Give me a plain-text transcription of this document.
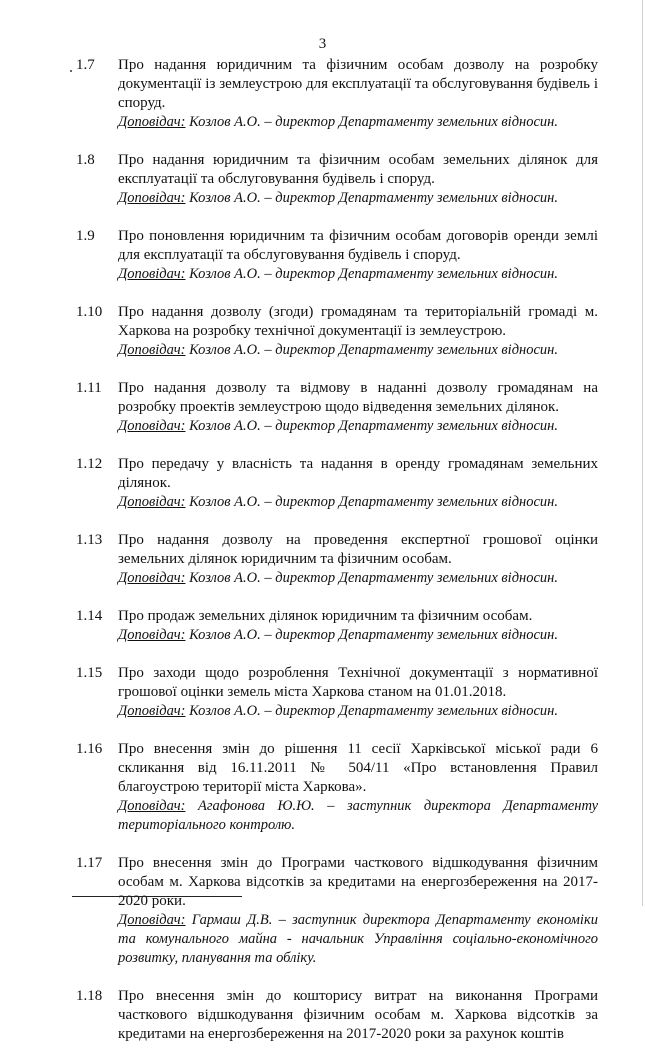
3
1.7	Про надання юридичним та фізичним особам дозволу на розробку документації із землеустрою для експлуатації та обслуговування будівель і споруд.
Доповідач: Козлов А.О. – директор Департаменту земельних відносин.
1.8	Про надання юридичним та фізичним особам земельних ділянок для експлуатації та обслуговування будівель і споруд.
Доповідач: Козлов А.О. – директор Департаменту земельних відносин.
1.9	Про поновлення юридичним та фізичним особам договорів оренди землі для експлуатації та обслуговування будівель і споруд.
Доповідач: Козлов А.О. – директор Департаменту земельних відносин.
1.10	Про надання дозволу (згоди) громадянам та територіальній громаді м. Харкова на розробку технічної документації із землеустрою.
Доповідач: Козлов А.О. – директор Департаменту земельних відносин.
1.11	Про надання дозволу та відмову в наданні дозволу громадянам на розробку проектів землеустрою щодо відведення земельних ділянок.
Доповідач: Козлов А.О. – директор Департаменту земельних відносин.
1.12	Про передачу у власність та надання в оренду громадянам земельних ділянок.
Доповідач: Козлов А.О. – директор Департаменту земельних відносин.
1.13	Про надання дозволу на проведення експертної грошової оцінки земельних ділянок юридичним та фізичним особам.
Доповідач: Козлов А.О. – директор Департаменту земельних відносин.
1.14	Про продаж земельних ділянок юридичним та фізичним особам.
Доповідач: Козлов А.О. – директор Департаменту земельних відносин.
1.15	Про заходи щодо розроблення Технічної документації з нормативної грошової оцінки земель міста Харкова станом на 01.01.2018.
Доповідач: Козлов А.О. – директор Департаменту земельних відносин.
1.16	Про внесення змін до рішення 11 сесії Харківської міської ради 6 скликання від 16.11.2011 № 504/11 «Про встановлення Правил благоустрою території міста Харкова».
Доповідач: Агафонова Ю.Ю. – заступник директора Департаменту територіального контролю.
1.17	Про внесення змін до Програми часткового відшкодування фізичним особам м. Харкова відсотків за кредитами на енергозбереження на 2017-2020 роки.
Доповідач: Гармаш Д.В. – заступник директора Департаменту економіки та комунального майна - начальник Управління соціально-економічного розвитку, планування та обліку.
1.18	Про внесення змін до кошторису витрат на виконання Програми часткового відшкодування фізичним особам м. Харкова відсотків за кредитами на енергозбереження на 2017-2020 роки за рахунок коштів
